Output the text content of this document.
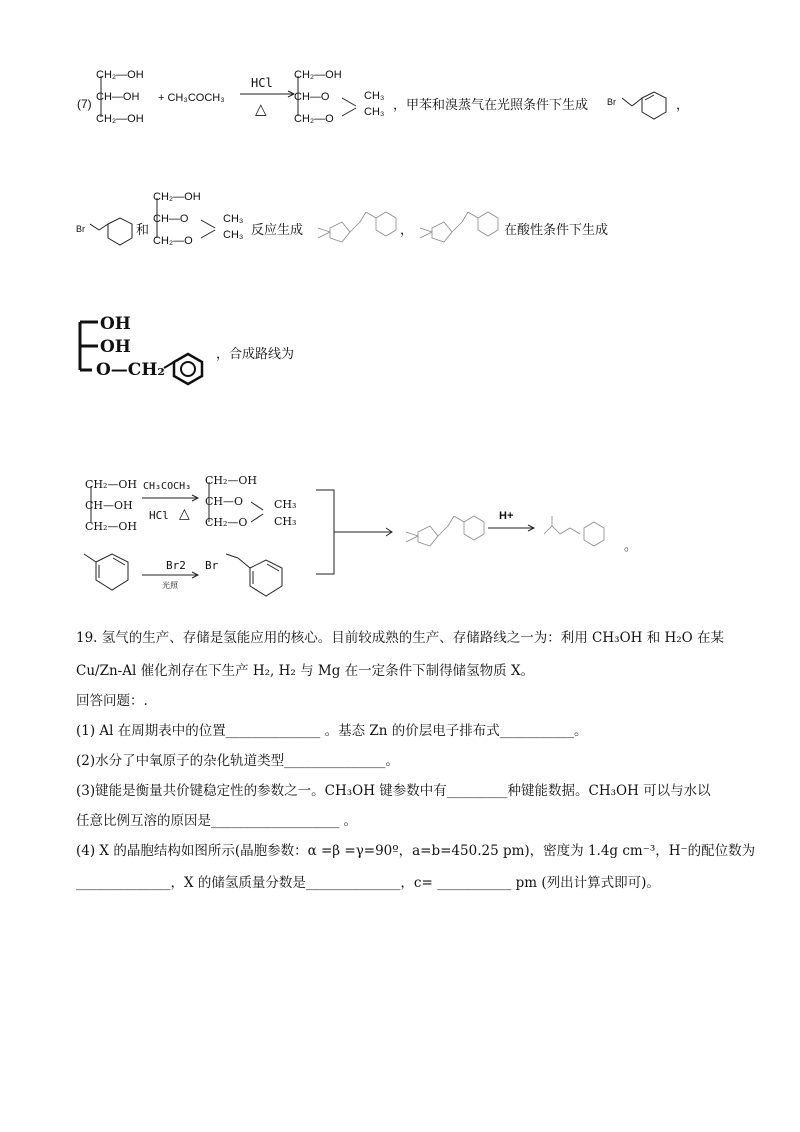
(7)
CH₂—OH
CH—OH
CH₂—OH
+ CH₃COCH₃
HCl
△
CH₂—OH
CH—O
CH₂—O
CH₃
CH₃ ，甲苯和溴蒸气在光照条件下生成 Br	，
Br	和
CH₂—OH
CH—O
CH₂—O
CH₃
CH₃ 反应生成	，	在酸性条件下生成
OH
OH
O—CH₂
，合成路线为
CH₂—OH
CH—OH
CH₂—OH
CH₃COCH₃
HCl △
CH₂—OH
CH—O
CH₂—O
CH₃
CH₃
Br2
光照
Br
H+
。
19. 氢气的生产、存储是氢能应用的核心。目前较成熟的生产、存储路线之一为：利用 CH₃OH 和 H₂O 在某
Cu/Zn-Al 催化剂存在下生产 H₂, H₂ 与 Mg 在一定条件下制得储氢物质 X。
回答问题：.
(1) Al 在周期表中的位置______________ 。基态 Zn 的价层电子排布式___________。
(2)水分了中氧原子的杂化轨道类型_______________。
(3)键能是衡量共价键稳定性的参数之一。CH₃OH 键参数中有_________种键能数据。CH₃OH 可以与水以
任意比例互溶的原因是___________________ 。
(4) X 的晶胞结构如图所示(晶胞参数：α =β =γ=90º，a=b=450.25 pm)，密度为 1.4g cm⁻³，H⁻的配位数为
______________，X 的储氢质量分数是______________，c= ___________ pm (列出计算式即可)。
